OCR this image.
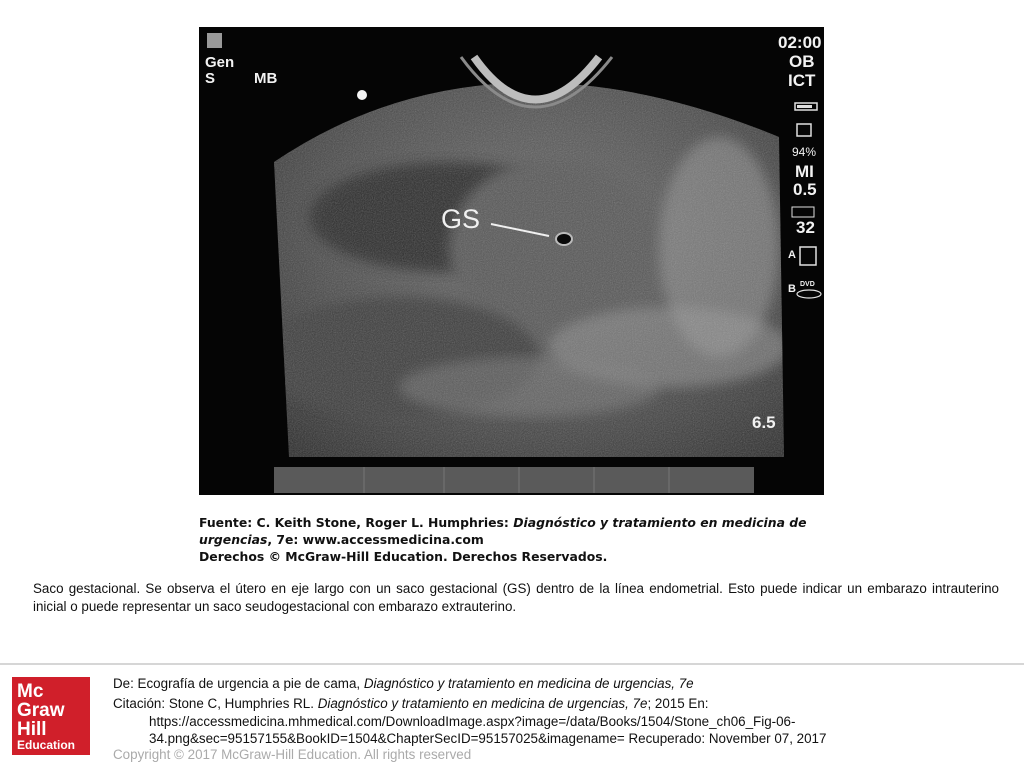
Gen
S	MB
02:00
OB
ICT
94%
MI
0.5
32
A
B DVD
6.5
GS
Fuente: C. Keith Stone, Roger L. Humphries: Diagnóstico y tratamiento en medicina de urgencias, 7e: www.accessmedicina.com
Derechos © McGraw-Hill Education. Derechos Reservados.
Saco gestacional. Se observa el útero en eje largo con un saco gestacional (GS) dentro de la línea endometrial. Esto puede indicar un embarazo intrauterino inicial o puede representar un saco seudogestacional con embarazo extrauterino.
Mc
Graw
Hill
Education
De: Ecografía de urgencia a pie de cama, Diagnóstico y tratamiento en medicina de urgencias, 7e
Citación: Stone C, Humphries RL. Diagnóstico y tratamiento en medicina de urgencias, 7e; 2015 En:
https://accessmedicina.mhmedical.com/DownloadImage.aspx?image=/data/Books/1504/Stone_ch06_Fig-06-
34.png&sec=95157155&BookID=1504&ChapterSecID=95157025&imagename= Recuperado: November 07, 2017
Copyright © 2017 McGraw-Hill Education. All rights reserved
